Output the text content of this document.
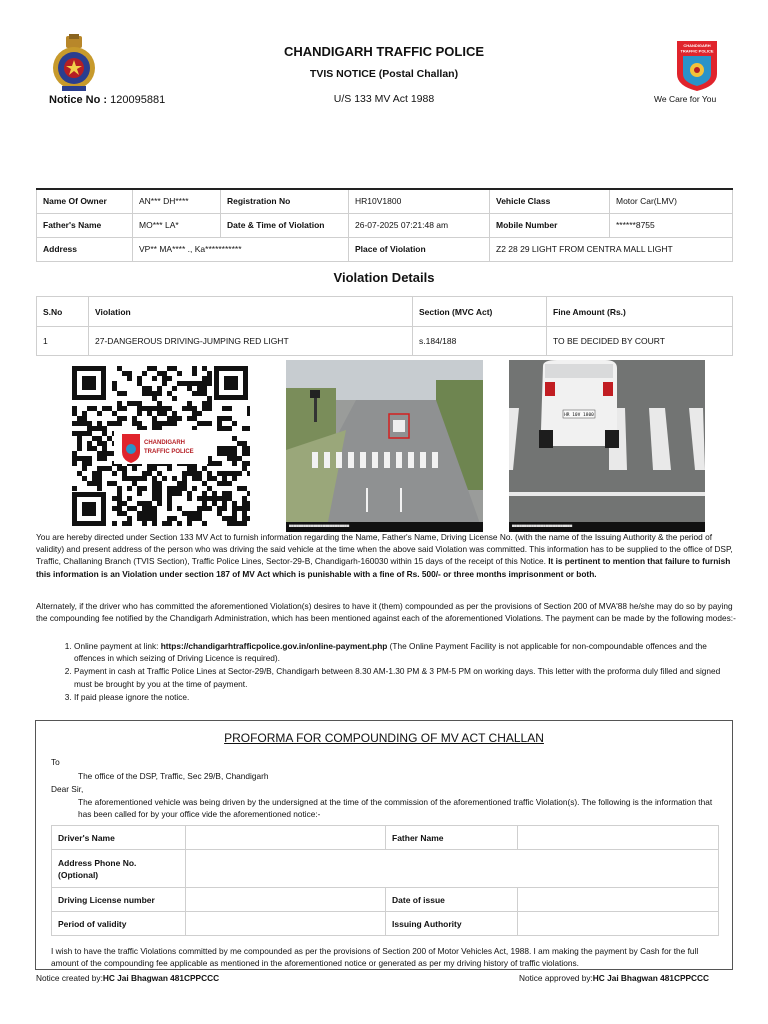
CHANDIGARH TRAFFIC POLICE
TVIS NOTICE (Postal Challan)
U/S 133 MV Act 1988
Notice No : 120095881
CHANDIGARH
TRAFFIC POLICE
We Care for You
Name Of Owner	AN*** DH****	Registration No	HR10V1800	Vehicle Class	Motor Car(LMV)
Father's Name	MO*** LA*	Date & Time of Violation	26-07-2025 07:21:48 am	Mobile Number	******8755
Address	VP** MA**** ., Ka***********		Place of Violation	Z2 28 29 LIGHT FROM CENTRA MALL LIGHT	
Violation Details
S.No	Violation	Section (MVC Act)	Fine Amount (Rs.)
1	27-DANGEROUS DRIVING-JUMPING RED LIGHT	s.184/188	TO BE DECIDED BY COURT
CHANDIGARH
TRAFFIC POLICE
■■■■■■■■■■■■■■■■■■■■■■■■■
HR 10V 1800
■■■■■■■■■■■■■■■■■■■■■■■■■
You are hereby directed under Section 133 MV Act to furnish information regarding the Name, Father's Name, Driving License No. (with the name of the Issuing Authority & the period of validity) and present address of the person who was driving the said vehicle at the time when the above said Violation was committed. This information has to be supplied to the office of DSP, Traffic, Challaning Branch (TVIS Section), Traffic Police Lines, Sector-29-B, Chandigarh-160030 within 15 days of the receipt of this Notice. It is pertinent to mention that failure to furnish this information is an Violation under section 187 of MV Act which is punishable with a fine of Rs. 500/- or three months imprisonment or both.
Alternately, if the driver who has committed the aforementioned Violation(s) desires to have it (them) compounded as per the provisions of Section 200 of MVA'88 he/she may do so by paying the compounding fee notified by the Chandigarh Administration, which has been mentioned against each of the aforementioned Violations. The payment can be made by the following modes:-
1. Online payment at link: https://chandigarhtrafficpolice.gov.in/online-payment.php (The Online Payment Facility is not applicable for non-compoundable offences and the offences in which seizing of Driving Licence is required).
2. Payment in cash at Traffic Police Lines at Sector-29/B, Chandigarh between 8.30 AM-1.30 PM & 3 PM-5 PM on working days. This letter with the proforma duly filled and signed must be brought by you at the time of payment.
3. If paid please ignore the notice.
PROFORMA FOR COMPOUNDING OF MV ACT CHALLAN
To
The office of the DSP, Traffic, Sec 29/B, Chandigarh
Dear Sir,
The aforementioned vehicle was being driven by the undersigned at the time of the commission of the aforementioned traffic Violation(s). The following is the information that has been called for by your office vide the aforementioned notice:-
Driver's Name		Father Name	

Address Phone No.
(Optional)			

Driving License number		Date of issue	
Period of validity		Issuing Authority	
I wish to have the traffic Violations committed by me compounded as per the provisions of Section 200 of Motor Vehicles Act, 1988. I am making the payment by Cash for the full amount of the compounding fee applicable as mentioned in the aforementioned notice or generated as per my driving history of traffic violations.
Notice created by:HC Jai Bhagwan 481CPPCCC	Notice approved by:HC Jai Bhagwan 481CPPCCC
